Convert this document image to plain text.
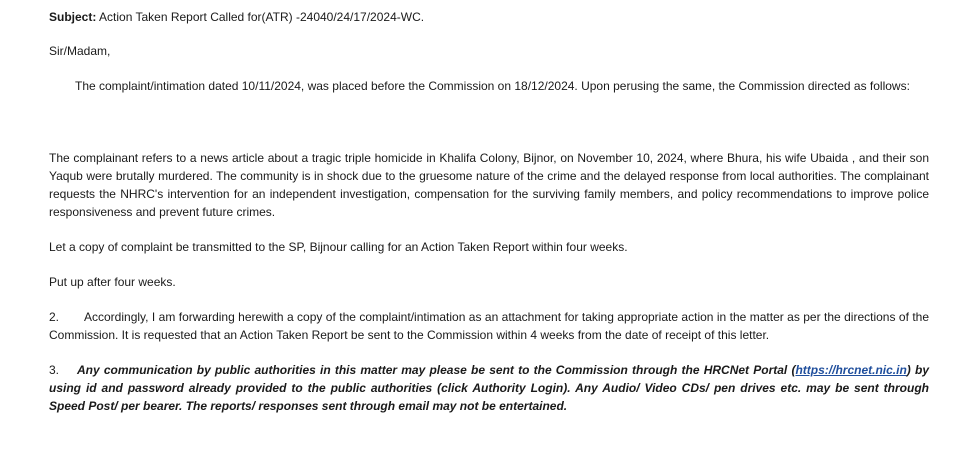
Subject: Action Taken Report Called for(ATR) -24040/24/17/2024-WC.

Sir/Madam,

The complaint/intimation dated 10/11/2024, was placed before the Commission on 18/12/2024. Upon perusing the same, the Commission directed as follows:

The complainant refers to a news article about a tragic triple homicide in Khalifa Colony, Bijnor, on November 10, 2024, where Bhura, his wife Ubaida , and their son Yaqub were brutally murdered. The community is in shock due to the gruesome nature of the crime and the delayed response from local authorities. The complainant requests the NHRC's intervention for an independent investigation, compensation for the surviving family members, and policy recommendations to improve police responsiveness and prevent future crimes.

Let a copy of complaint be transmitted to the SP, Bijnour calling for an Action Taken Report within four weeks.

Put up after four weeks.

2. Accordingly, I am forwarding herewith a copy of the complaint/intimation as an attachment for taking appropriate action in the matter as per the directions of the Commission. It is requested that an Action Taken Report be sent to the Commission within 4 weeks from the date of receipt of this letter.

3. Any communication by public authorities in this matter may please be sent to the Commission through the HRCNet Portal (https://hrcnet.nic.in) by using id and password already provided to the public authorities (click Authority Login). Any Audio/ Video CDs/ pen drives etc. may be sent through Speed Post/ per bearer. The reports/ responses sent through email may not be entertained.
